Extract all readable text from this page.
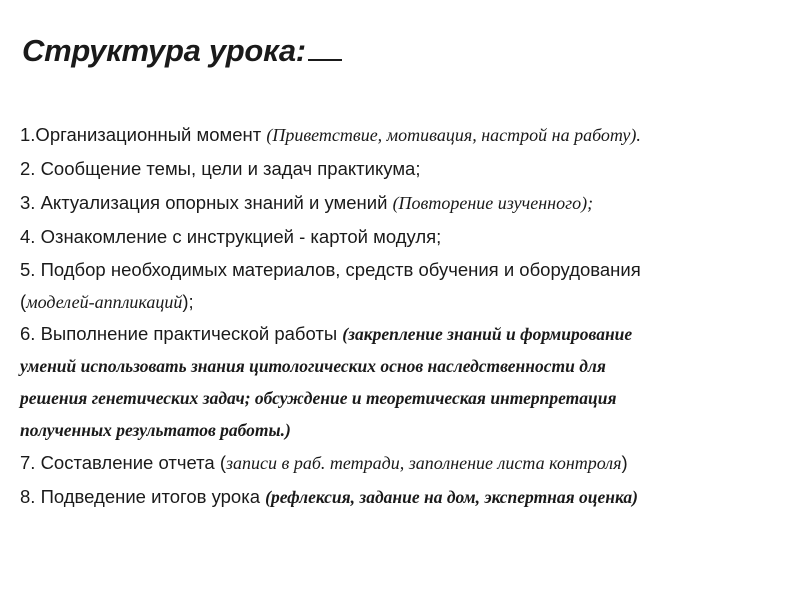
Структура урока:
1.Организационный момент (Приветствие, мотивация, настрой на работу).
2. Сообщение темы, цели и задач практикума;
3. Актуализация опорных знаний и умений (Повторение изученного);
4. Ознакомление с инструкцией - картой модуля;
5. Подбор необходимых материалов, средств обучения и оборудования
(моделей-аппликаций);
6. Выполнение практической работы (закрепление знаний и формирование
умений использовать знания цитологических основ наследственности для
решения генетических задач; обсуждение и теоретическая интерпретация
полученных результатов работы.)
7. Составление отчета (записи в раб. тетради, заполнение листа контроля)
8. Подведение итогов урока (рефлексия, задание на дом, экспертная оценка)
